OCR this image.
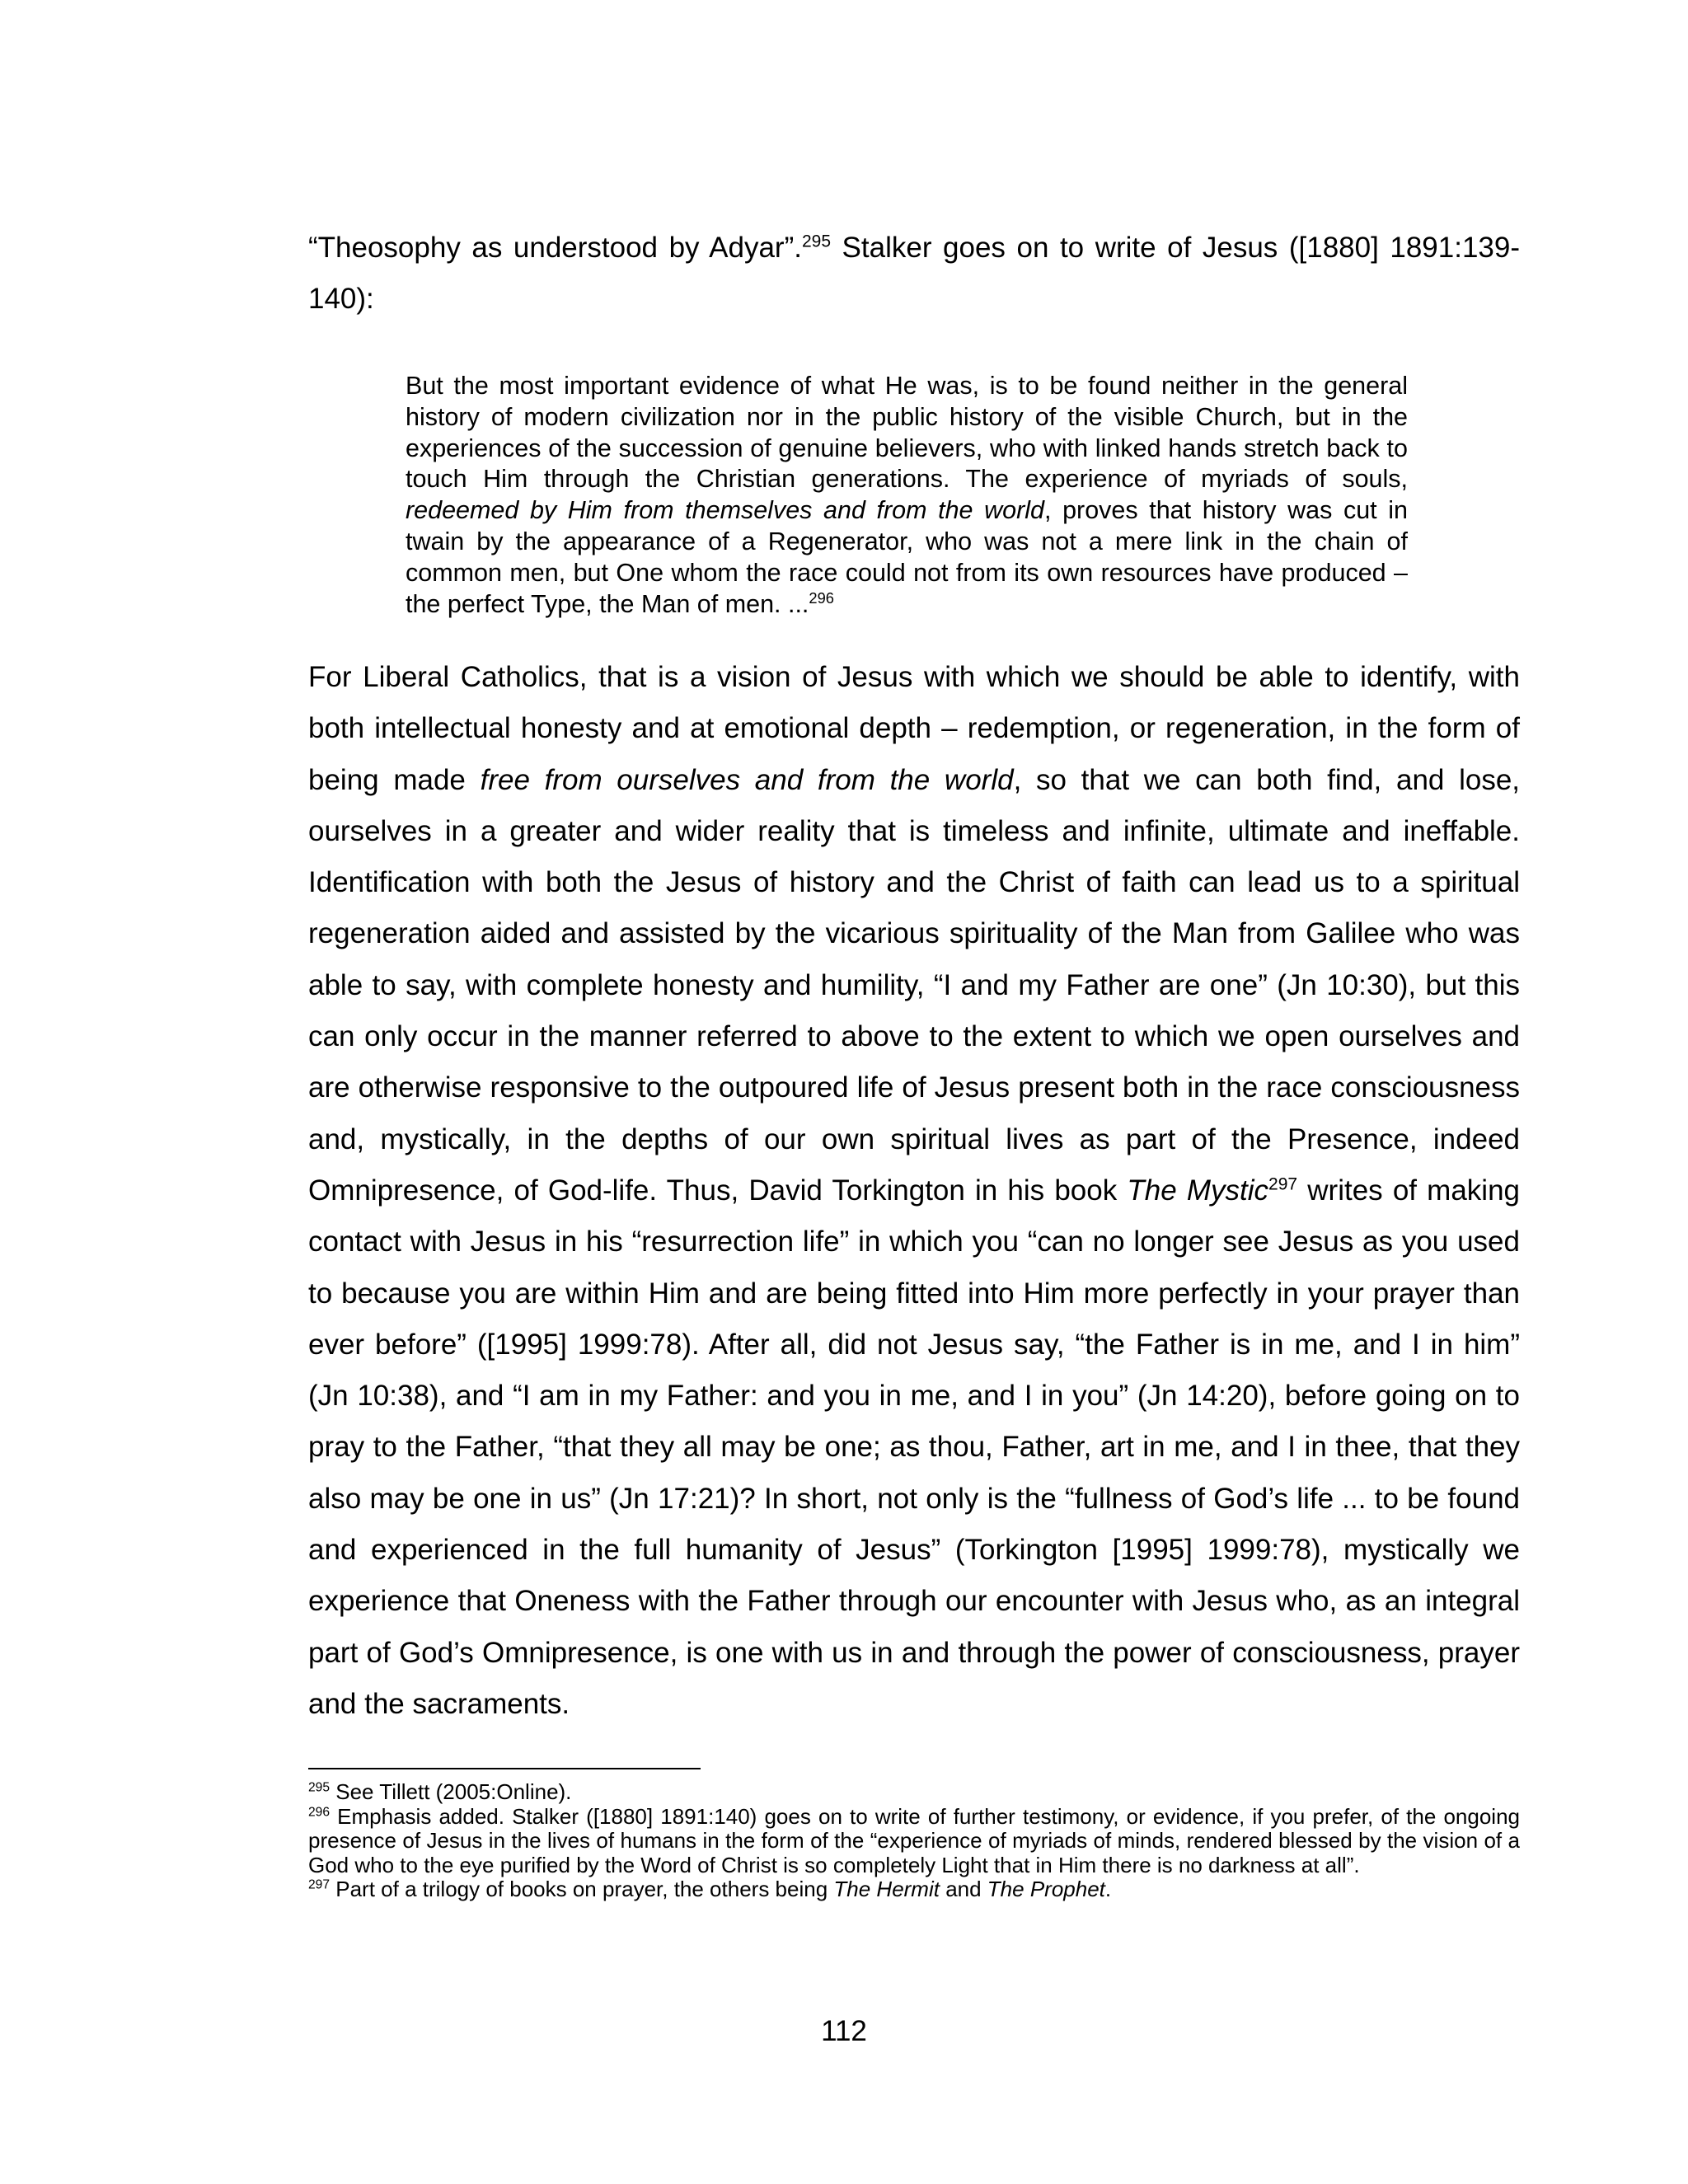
“Theosophy as understood by Adyar”.$^{295}$ Stalker goes on to write of Jesus ([1880] 1891:139-140):

But the most important evidence of what He was, is to be found neither in the general history of modern civilization nor in the public history of the visible Church, but in the experiences of the succession of genuine believers, who with linked hands stretch back to touch Him through the Christian generations. The experience of myriads of souls, redeemed by Him from themselves and from the world, proves that history was cut in twain by the appearance of a Regenerator, who was not a mere link in the chain of common men, but One whom the race could not from its own resources have produced – the perfect Type, the Man of men. ...$^{296}$

For Liberal Catholics, that is a vision of Jesus with which we should be able to identify, with both intellectual honesty and at emotional depth – redemption, or regeneration, in the form of being made free from ourselves and from the world, so that we can both find, and lose, ourselves in a greater and wider reality that is timeless and infinite, ultimate and ineffable. Identification with both the Jesus of history and the Christ of faith can lead us to a spiritual regeneration aided and assisted by the vicarious spirituality of the Man from Galilee who was able to say, with complete honesty and humility, “I and my Father are one” (Jn 10:30), but this can only occur in the manner referred to above to the extent to which we open ourselves and are otherwise responsive to the outpoured life of Jesus present both in the race consciousness and, mystically, in the depths of our own spiritual lives as part of the Presence, indeed Omnipresence, of God-life. Thus, David Torkington in his book The Mystic$^{297}$ writes of making contact with Jesus in his “resurrection life” in which you “can no longer see Jesus as you used to because you are within Him and are being fitted into Him more perfectly in your prayer than ever before” ([1995] 1999:78). After all, did not Jesus say, “the Father is in me, and I in him” (Jn 10:38), and “I am in my Father: and you in me, and I in you” (Jn 14:20), before going on to pray to the Father, “that they all may be one; as thou, Father, art in me, and I in thee, that they also may be one in us” (Jn 17:21)? In short, not only is the “fullness of God’s life ... to be found and experienced in the full humanity of Jesus” (Torkington [1995] 1999:78), mystically we experience that Oneness with the Father through our encounter with Jesus who, as an integral part of God’s Omnipresence, is one with us in and through the power of consciousness, prayer and the sacraments.

$^{295}$ See Tillett (2005:Online).

$^{296}$ Emphasis added. Stalker ([1880] 1891:140) goes on to write of further testimony, or evidence, if you prefer, of the ongoing presence of Jesus in the lives of humans in the form of the “experience of myriads of minds, rendered blessed by the vision of a God who to the eye purified by the Word of Christ is so completely Light that in Him there is no darkness at all”.

$^{297}$ Part of a trilogy of books on prayer, the others being The Hermit and The Prophet.

112
